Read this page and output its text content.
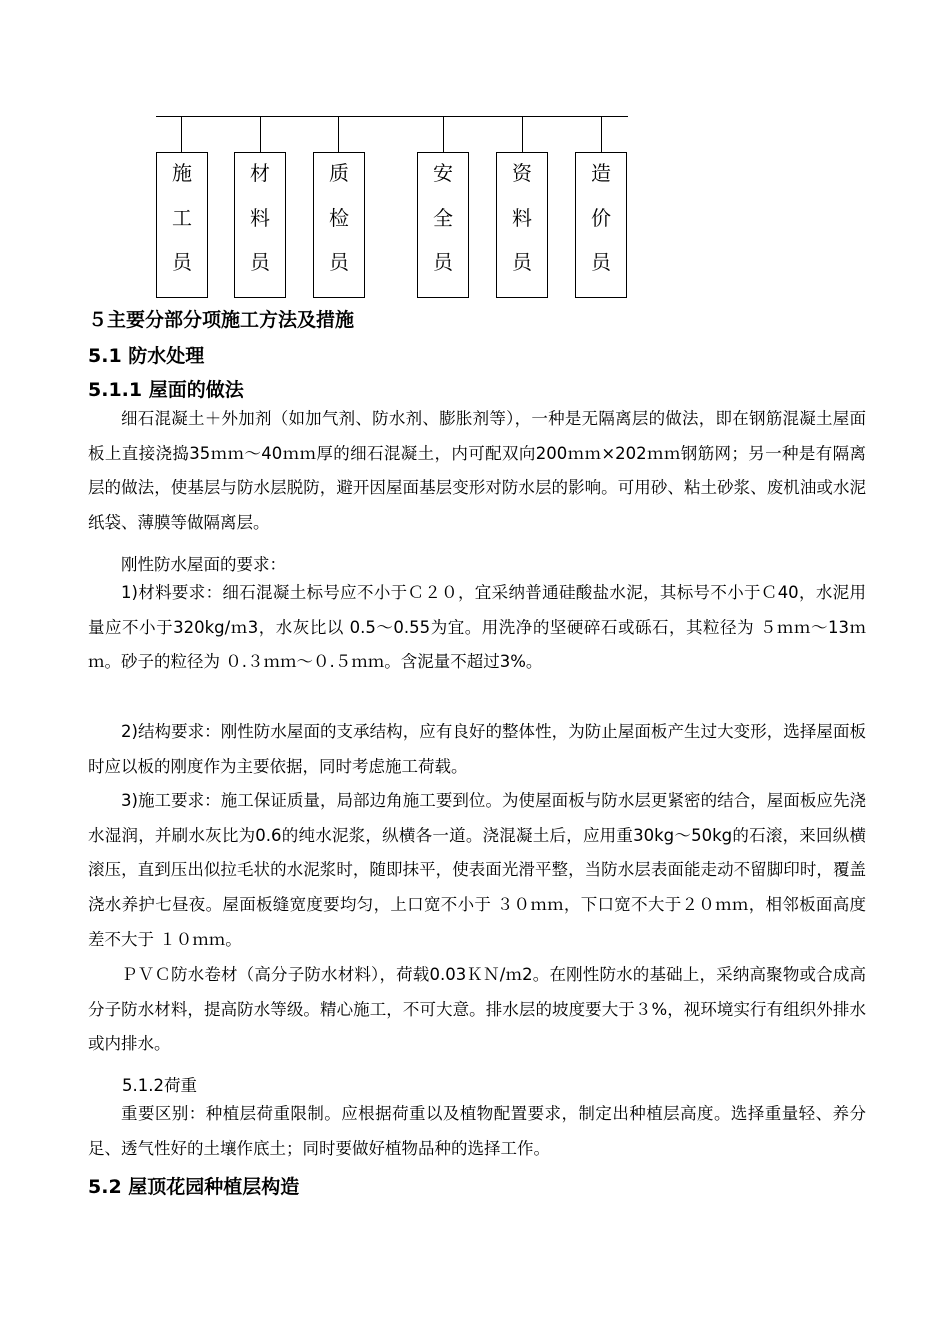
施
工
员
材
料
员
质
检
员
安
全
员
资
料
员
造
价
员
５主要分部分项施工方法及措施
5.1 防水处理
5.1.1 屋面的做法

细石混凝土＋外加剂（如加气剂、防水剂、膨胀剂等），一种是无隔离层的做法，即在钢筋混凝土屋面板上直接浇捣35ｍｍ～40ｍｍ厚的细石混凝土，内可配双向200ｍｍ×202ｍｍ钢筋网；另一种是有隔离层的做法，使基层与防水层脱防，避开因屋面基层变形对防水层的影响。可用砂、粘土砂浆、废机油或水泥纸袋、薄膜等做隔离层。

刚性防水屋面的要求：

1)材料要求：细石混凝土标号应不小于Ｃ２０，宜采纳普通硅酸盐水泥，其标号不小于Ｃ40，水泥用量应不小于320kg/ｍ3，水灰比以 0.5～0.55为宜。用洗净的坚硬碎石或砾石，其粒径为 ５ｍｍ～13ｍｍ。砂子的粒径为 ０.３ｍｍ～０.５ｍｍ。含泥量不超过3%。

2)结构要求：刚性防水屋面的支承结构，应有良好的整体性，为防止屋面板产生过大变形，选择屋面板时应以板的刚度作为主要依据，同时考虑施工荷载。

3)施工要求：施工保证质量，局部边角施工要到位。为使屋面板与防水层更紧密的结合，屋面板应先浇水湿润，并刷水灰比为0.6的纯水泥浆，纵横各一道。浇混凝土后，应用重30kg～50kg的石滚，来回纵横滚压，直到压出似拉毛状的水泥浆时，随即抹平，使表面光滑平整，当防水层表面能走动不留脚印时，覆盖浇水养护七昼夜。屋面板缝宽度要均匀，上口宽不小于 ３０ｍｍ，下口宽不大于２０ｍｍ，相邻板面高度差不大于 １０ｍｍ。

ＰＶＣ防水卷材（高分子防水材料），荷载0.03ＫＮ/ｍ2。在刚性防水的基础上，采纳高聚物或合成高分子防水材料，提高防水等级。精心施工，不可大意。排水层的坡度要大于３%，视环境实行有组织外排水或内排水。

5.1.2荷重

重要区别：种植层荷重限制。应根据荷重以及植物配置要求，制定出种植层高度。选择重量轻、养分足、透气性好的土壤作底土；同时要做好植物品种的选择工作。

5.2 屋顶花园种植层构造
